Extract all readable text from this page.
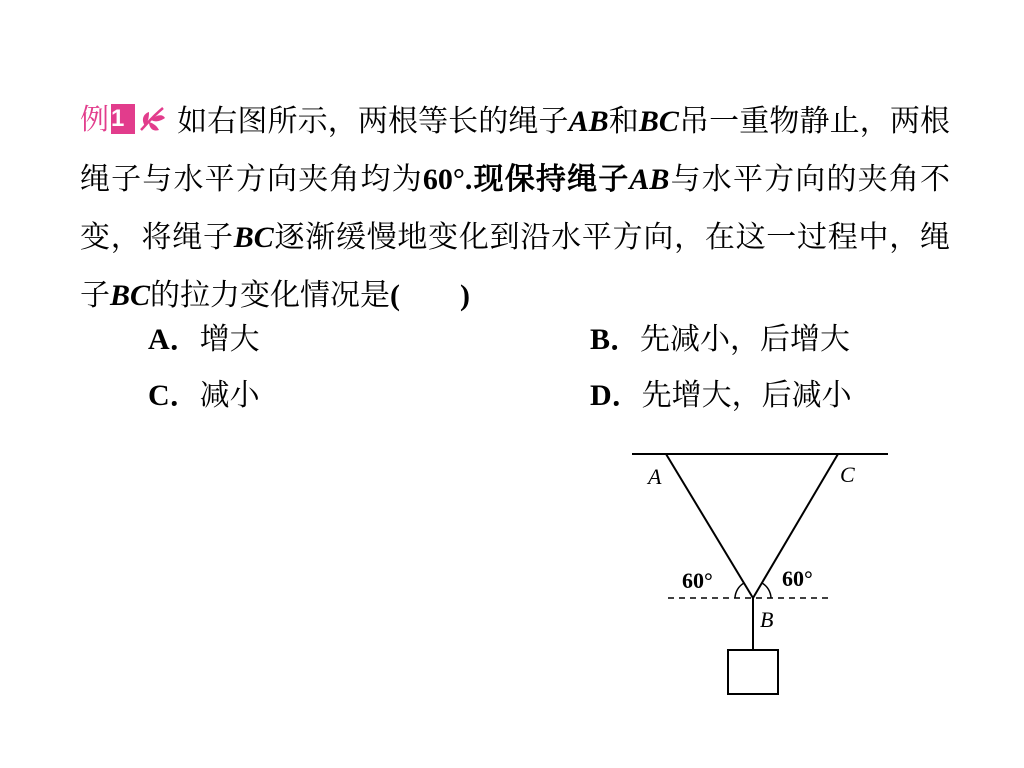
例 1	如右图所示，两根等长的绳子AB和BC吊一重物静止，两根绳子与水平方向夹角均为60°.现保持绳子AB与水平方向的夹角不变，将绳子BC逐渐缓慢地变化到沿水平方向，在这一过程中，绳子BC的拉力变化情况是(　　)
A．增大	B．先减小，后增大
C．减小	D．先增大，后减小
A	C
B
60°	60°
